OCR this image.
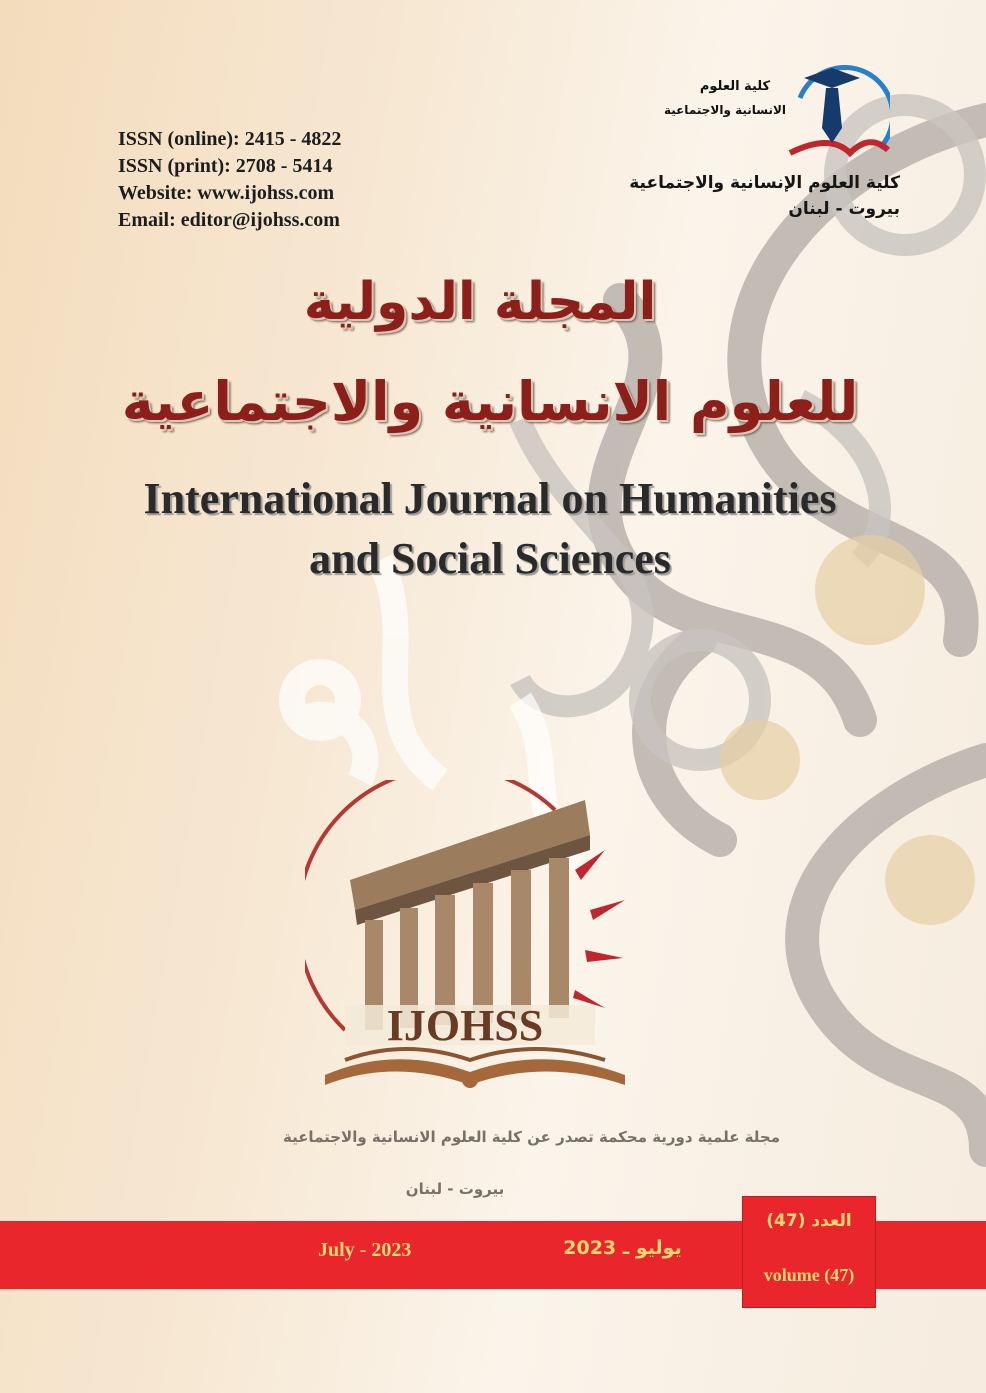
ISSN (online): 2415 - 4822
ISSN (print): 2708 - 5414
Website: www.ijohss.com
Email: editor@ijohss.com
كلية العلوم
الانسانية والاجتماعية
كلية العلوم الإنسانية والاجتماعية
بيروت - لبنان
المجلة الدولية
للعلوم الانسانية والاجتماعية
International Journal on Humanities
and Social Sciences
IJOHSS
مجلة علمية دورية محكمة تصدر عن كلية العلوم الانسانية والاجتماعية
بيروت - لبنان
July - 2023	يوليو ـ 2023
العدد (47)
volume (47)
